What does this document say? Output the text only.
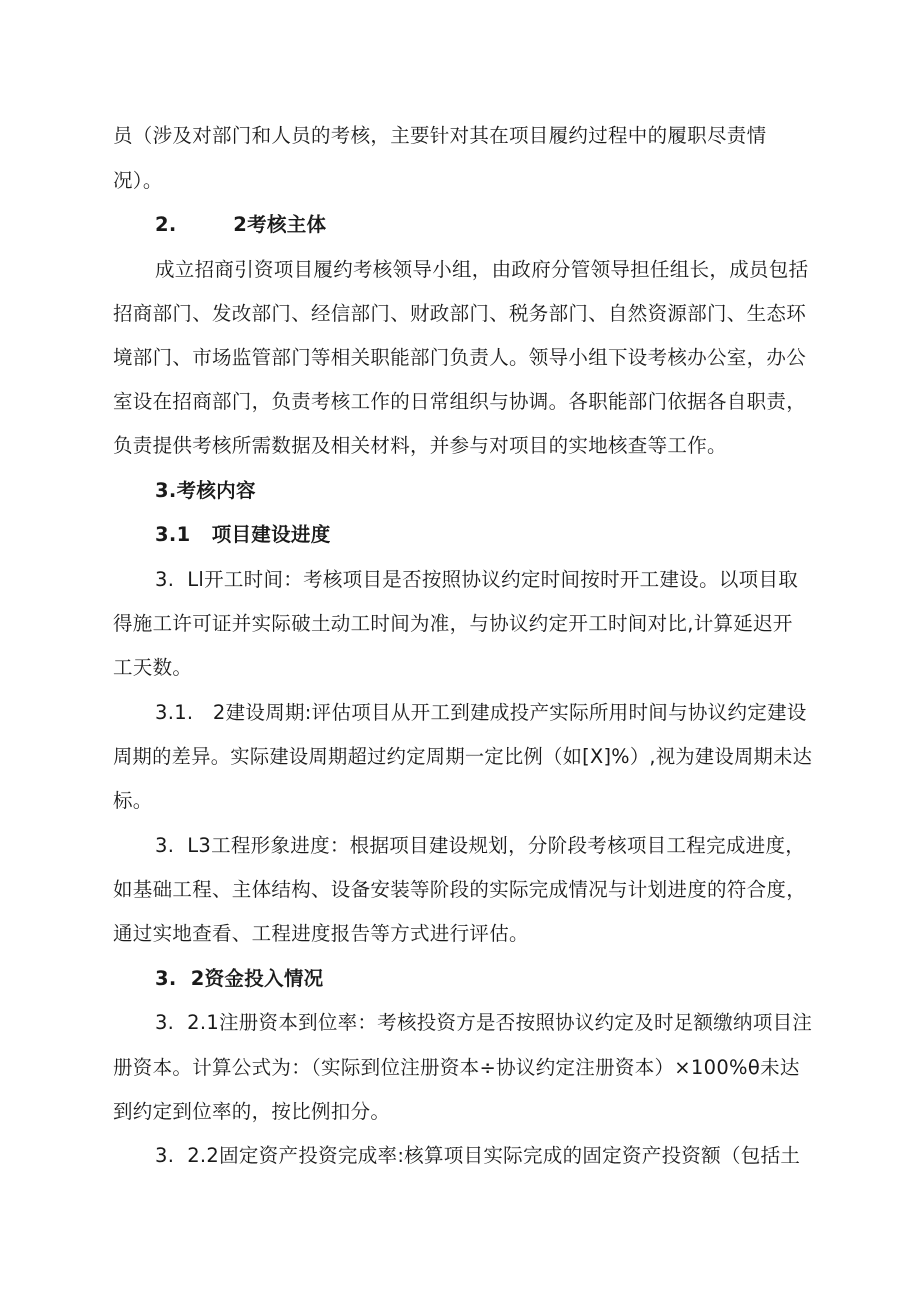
员（涉及对部门和人员的考核，主要针对其在项目履约过程中的履职尽责情
况）。
2.        2考核主体
成立招商引资项目履约考核领导小组，由政府分管领导担任组长，成员包括
招商部门、发改部门、经信部门、财政部门、税务部门、自然资源部门、生态环
境部门、市场监管部门等相关职能部门负责人。领导小组下设考核办公室，办公
室设在招商部门，负责考核工作的日常组织与协调。各职能部门依据各自职责，
负责提供考核所需数据及相关材料，并参与对项目的实地核查等工作。
3.考核内容
3.1   项目建设进度
3.  Ll开工时间：考核项目是否按照协议约定时间按时开工建设。以项目取
得施工许可证并实际破土动工时间为准，与协议约定开工时间对比,计算延迟开
工天数。
3.1.   2建设周期:评估项目从开工到建成投产实际所用时间与协议约定建设
周期的差异。实际建设周期超过约定周期一定比例（如[X]%）,视为建设周期未达
标。
3.  L3工程形象进度：根据项目建设规划，分阶段考核项目工程完成进度，
如基础工程、主体结构、设备安装等阶段的实际完成情况与计划进度的符合度，
通过实地查看、工程进度报告等方式进行评估。
3.  2资金投入情况
3.  2.1注册资本到位率：考核投资方是否按照协议约定及时足额缴纳项目注
册资本。计算公式为：（实际到位注册资本÷协议约定注册资本）×100%θ未达
到约定到位率的，按比例扣分。
3.  2.2固定资产投资完成率:核算项目实际完成的固定资产投资额（包括土
